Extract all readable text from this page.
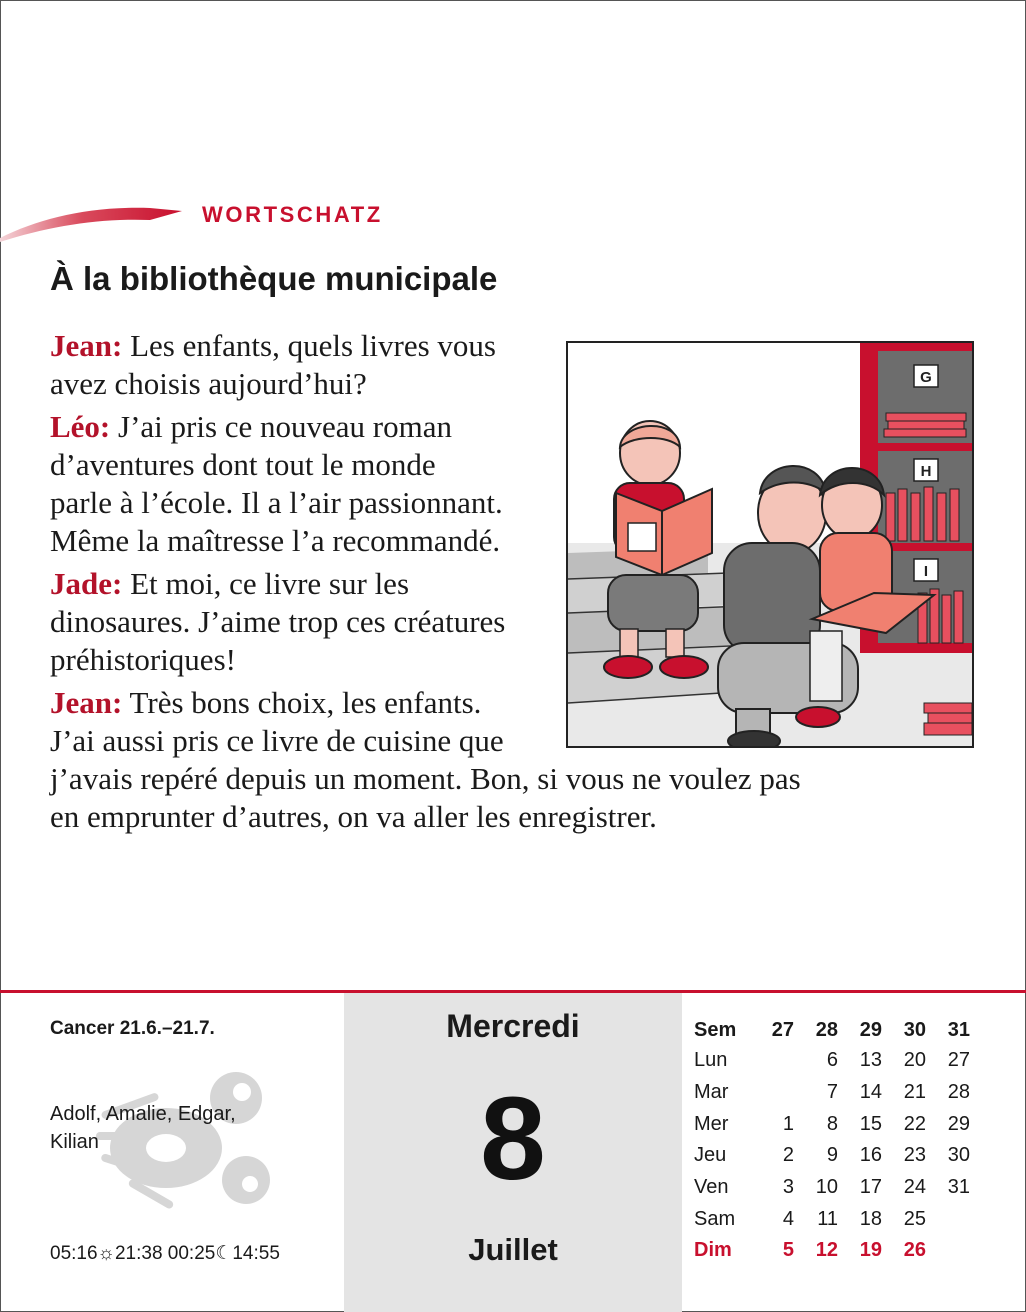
WORTSCHATZ
À la bibliothèque municipale

Jean: Les enfants, quels livres vous
avez choisis aujourd’hui?

Léo: J’ai pris ce nouveau roman
d’aventures dont tout le monde
parle à l’école. Il a l’air passionnant.
Même la maîtresse l’a recommandé.

Jade: Et moi, ce livre sur les
dinosaures. J’aime trop ces créatures
préhistoriques!

Jean: Très bons choix, les enfants.
J’ai aussi pris ce livre de cuisine que
j’avais repéré depuis un moment. Bon, si vous ne voulez pas
en emprunter d’autres, on va aller les enregistrer.

G
H
I
Mercredi
8
Juillet
Cancer 21.6.–21.7.
Adolf, Amalie, Edgar,
Kilian
05:16☼21:38 00:25☾14:55
Sem	27	28	29	30	31
Lun		6	13	20	27
Mar		7	14	21	28
Mer	1	8	15	22	29
Jeu	2	9	16	23	30
Ven	3	10	17	24	31
Sam	4	11	18	25	
Dim	5	12	19	26	
